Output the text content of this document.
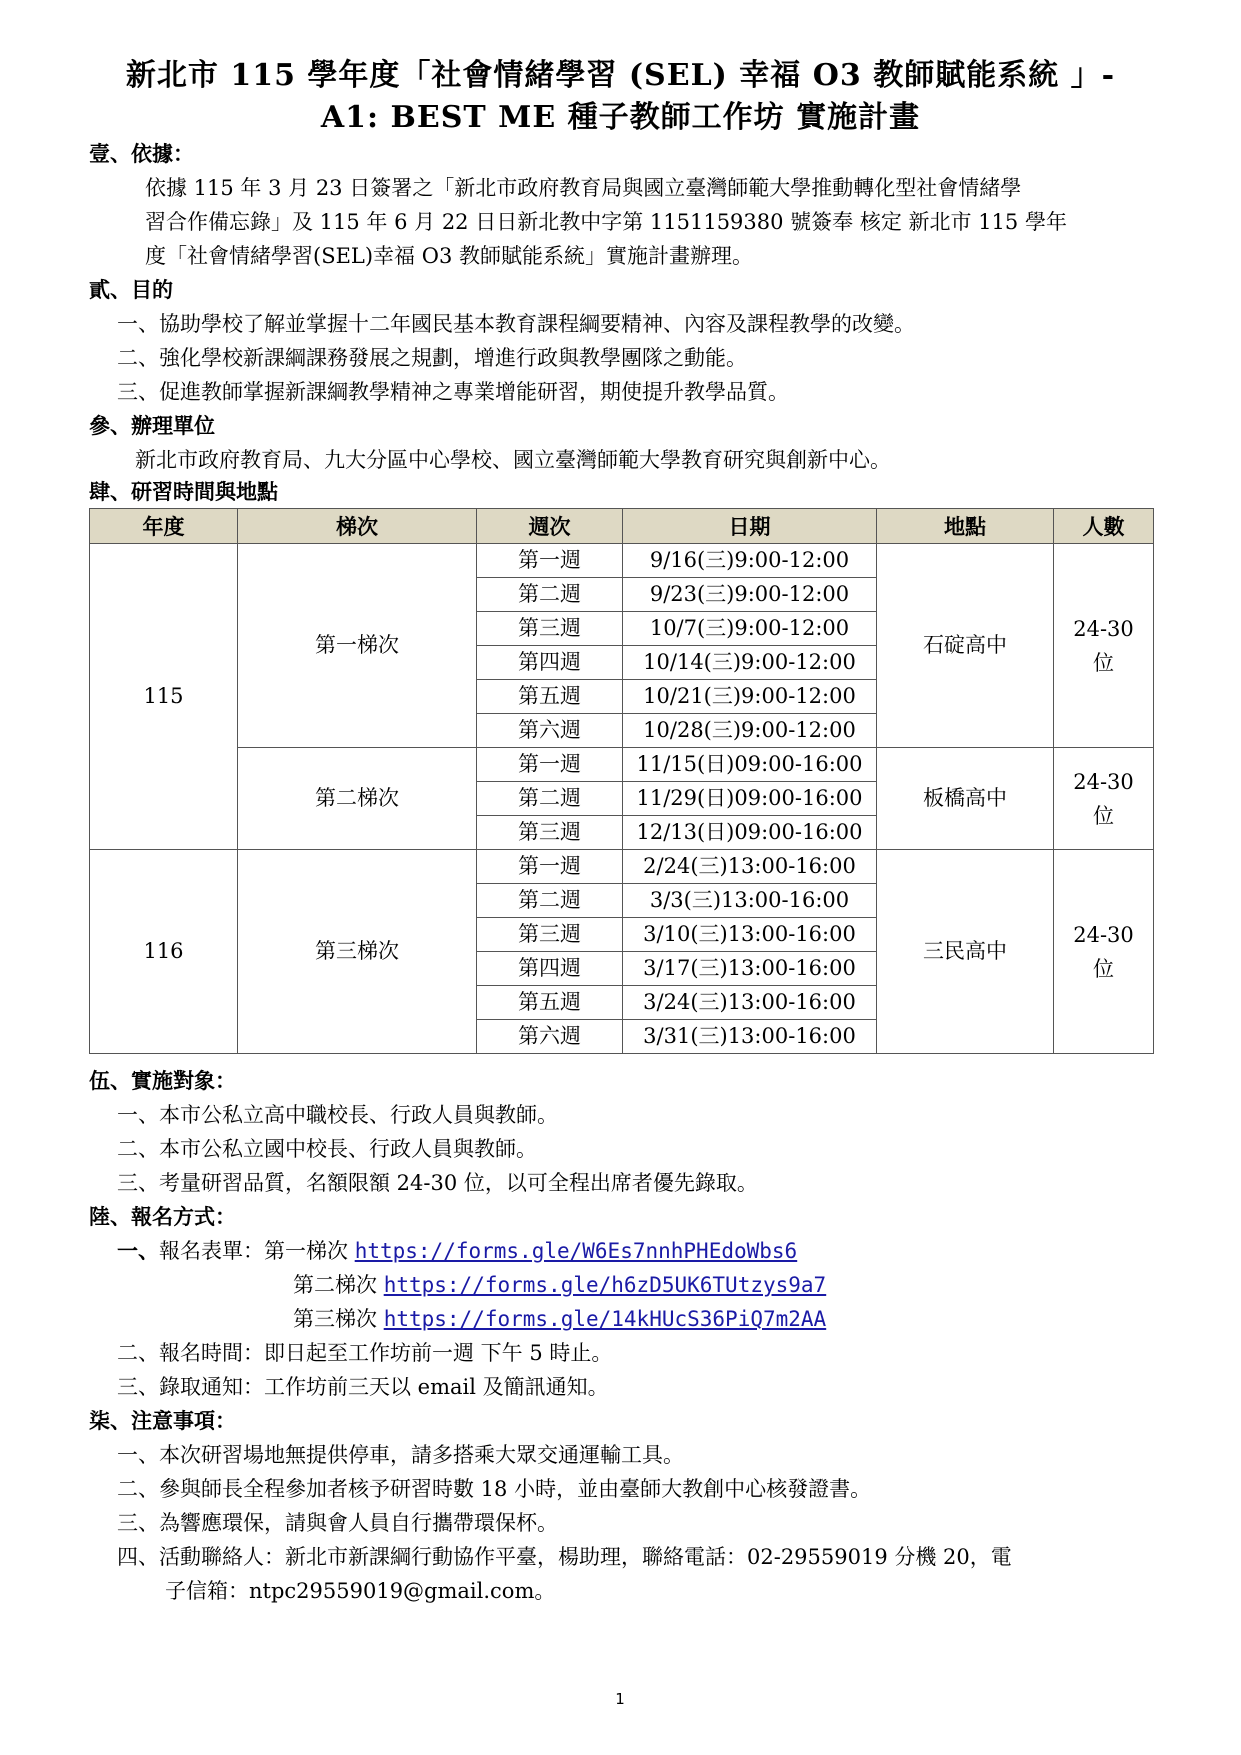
新北市 115 學年度「社會情緒學習 (SEL) 幸福 O3 教師賦能系統 」-
A1: BEST ME 種子教師工作坊 實施計畫
壹、依據：
依據 115 年 3 月 23 日簽署之「新北市政府教育局與國立臺灣師範大學推動轉化型社會情緒學
習合作備忘錄」及 115 年 6 月 22 日日新北教中字第 1151159380 號簽奉 核定 新北市 115 學年
度「社會情緒學習(SEL)幸福 O3 教師賦能系統」實施計畫辦理。
貳、目的
一、協助學校了解並掌握十二年國民基本教育課程綱要精神、內容及課程教學的改變。
二、強化學校新課綱課務發展之規劃，增進行政與教學團隊之動能。
三、促進教師掌握新課綱教學精神之專業增能研習，期使提升教學品質。
參、辦理單位
新北市政府教育局、九大分區中心學校、國立臺灣師範大學教育研究與創新中心。
肆、研習時間與地點
年度	梯次	週次	日期	地點	人數
115	第一梯次	第一週	9/16(三)9:00-12:00	石碇高中	24-30
位
		第二週	9/23(三)9:00-12:00		
		第三週	10/7(三)9:00-12:00		
		第四週	10/14(三)9:00-12:00		
		第五週	10/21(三)9:00-12:00		
		第六週	10/28(三)9:00-12:00		
	第二梯次	第一週	11/15(日)09:00-16:00	板橋高中	24-30
位
		第二週	11/29(日)09:00-16:00		
		第三週	12/13(日)09:00-16:00		
116	第三梯次	第一週	2/24(三)13:00-16:00	三民高中	24-30
位
		第二週	3/3(三)13:00-16:00		
		第三週	3/10(三)13:00-16:00		
		第四週	3/17(三)13:00-16:00		
		第五週	3/24(三)13:00-16:00		
		第六週	3/31(三)13:00-16:00		
伍、實施對象：
一、本市公私立高中職校長、行政人員與教師。
二、本市公私立國中校長、行政人員與教師。
三、考量研習品質，名額限額 24-30 位，以可全程出席者優先錄取。
陸、報名方式：
一、報名表單：第一梯次 https://forms.gle/W6Es7nnhPHEdoWbs6
第二梯次 https://forms.gle/h6zD5UK6TUtzys9a7
第三梯次 https://forms.gle/14kHUcS36PiQ7m2AA
二、報名時間：即日起至工作坊前一週 下午 5 時止。
三、錄取通知：工作坊前三天以 email 及簡訊通知。
柒、注意事項：
一、本次研習場地無提供停車，請多搭乘大眾交通運輸工具。
二、參與師長全程參加者核予研習時數 18 小時，並由臺師大教創中心核發證書。
三、為響應環保，請與會人員自行攜帶環保杯。
四、活動聯絡人：新北市新課綱行動協作平臺，楊助理，聯絡電話：02-29559019 分機 20，電
子信箱：ntpc29559019@gmail.com。
1
